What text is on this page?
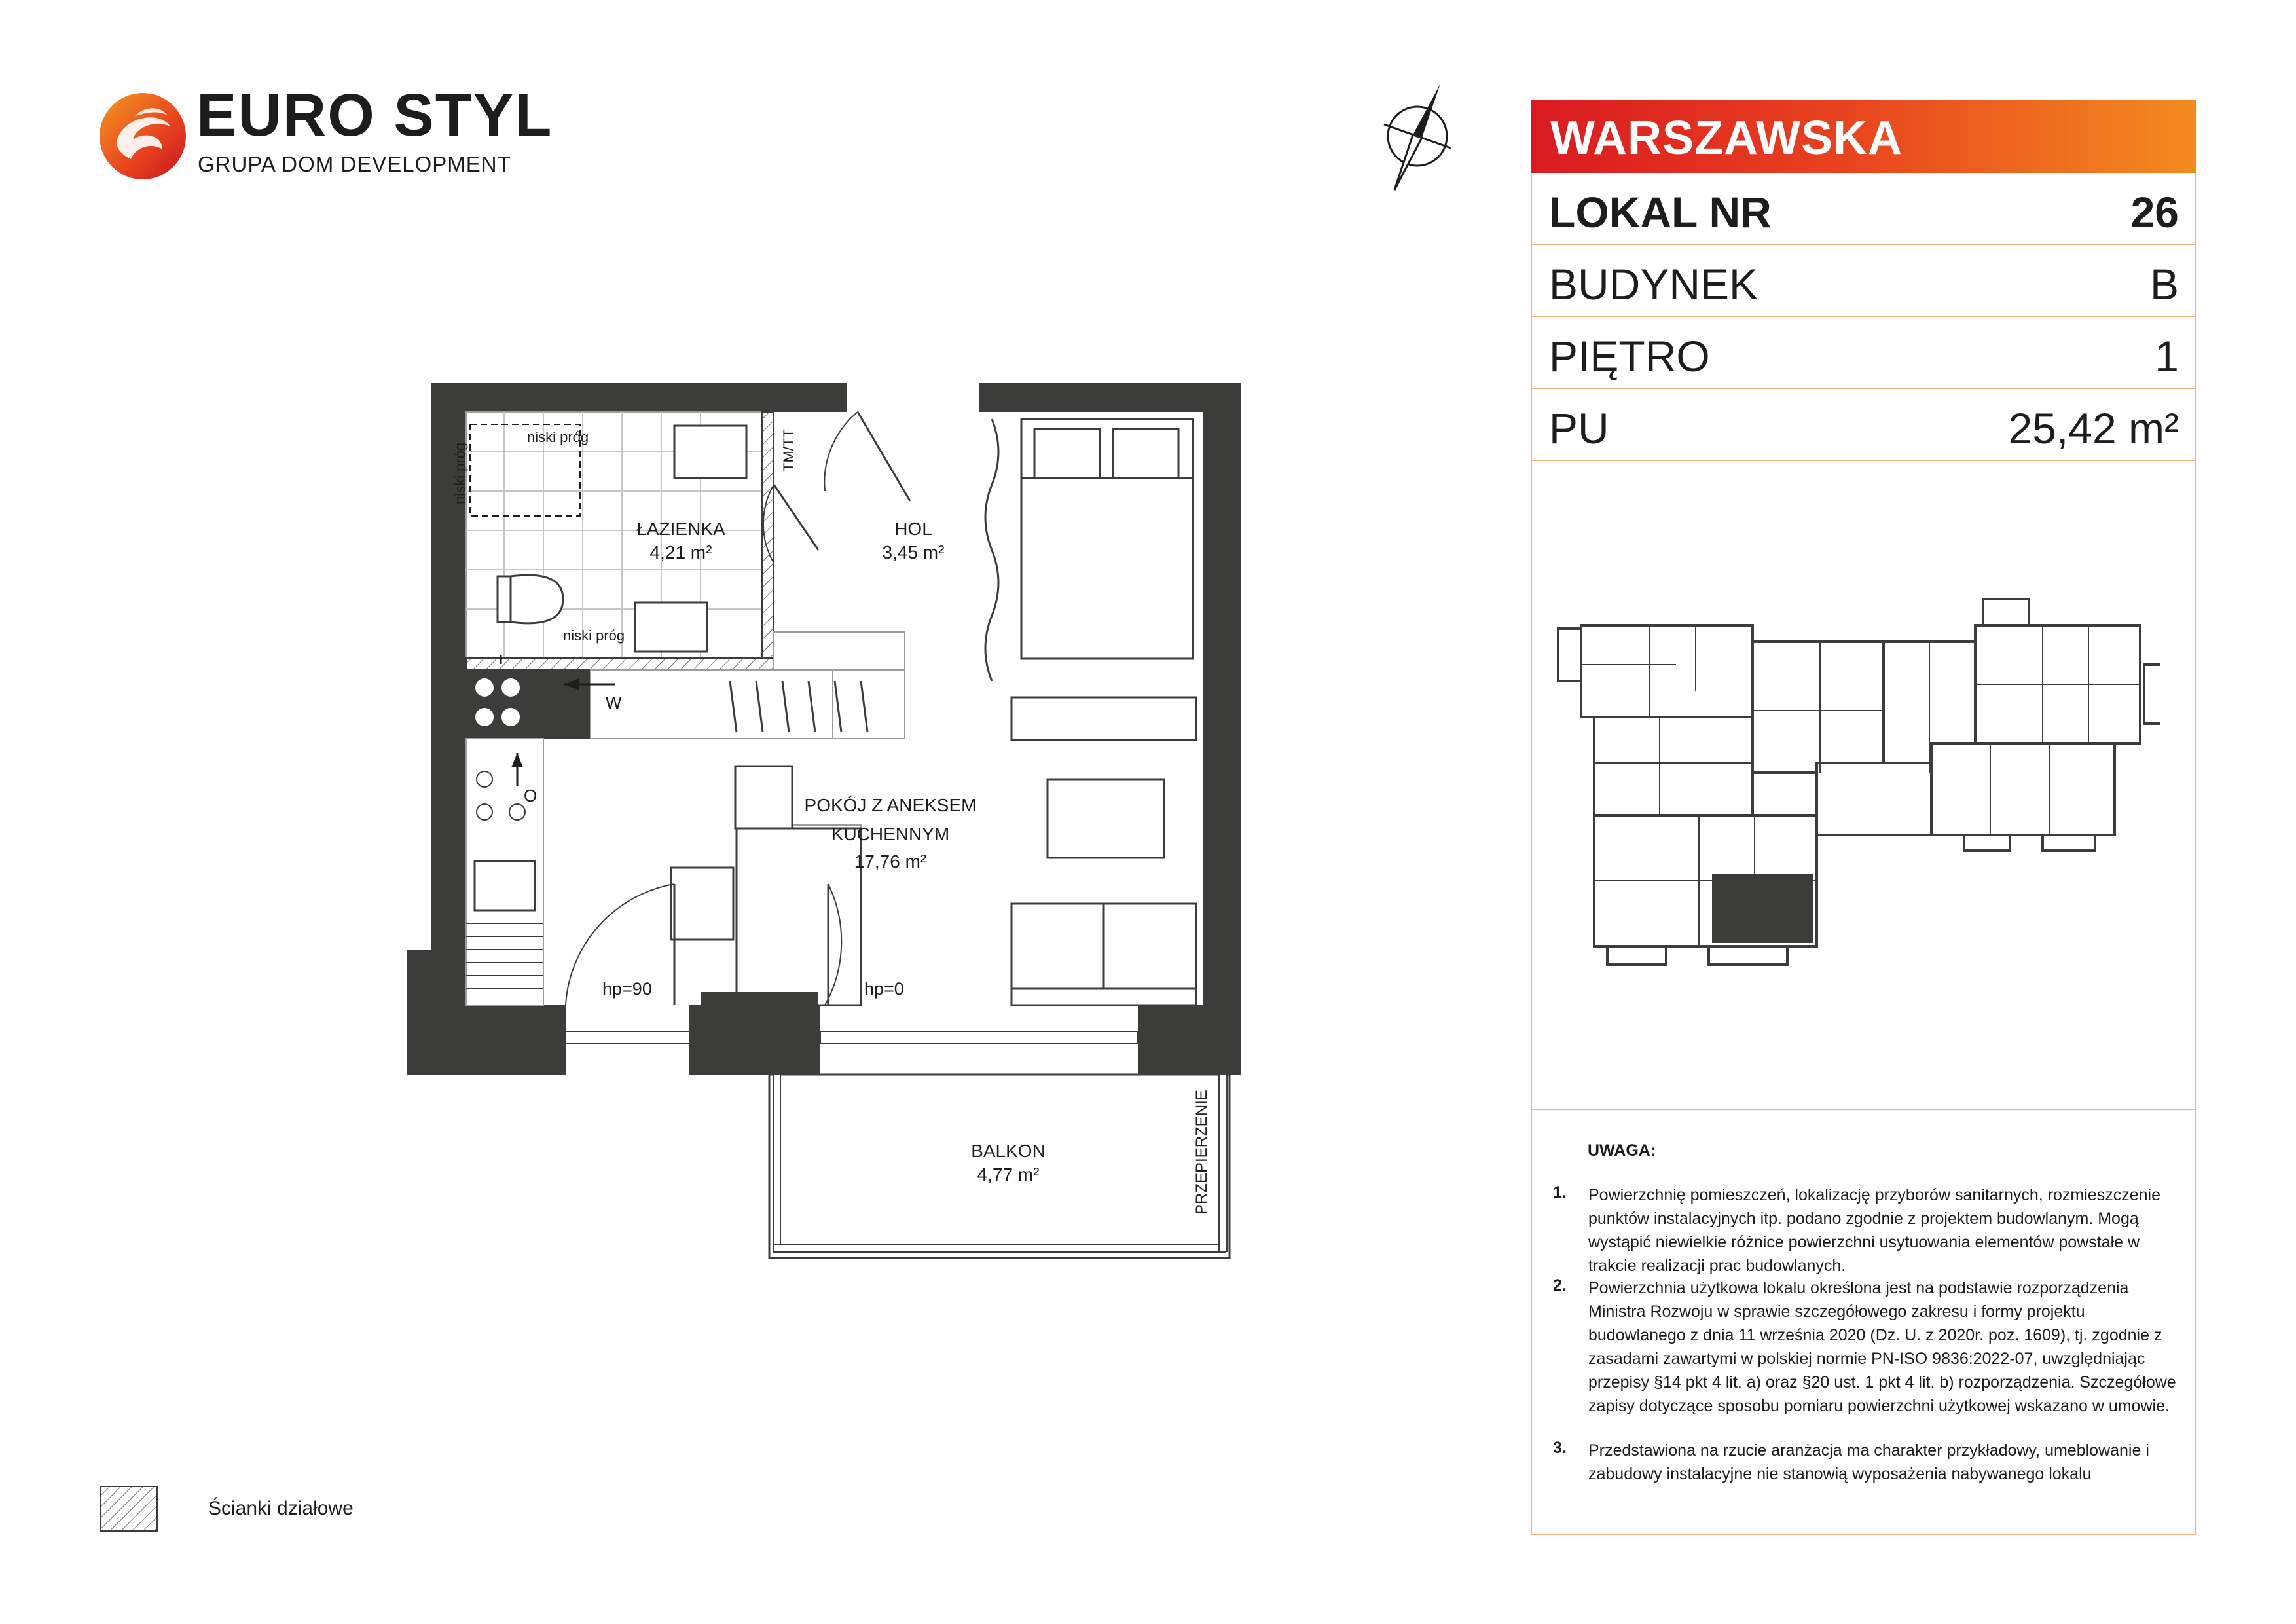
EURO STYL
GRUPA DOM DEVELOPMENT
ŁAZIENKA
4,21 m²
HOL
3,45 m²
POKÓJ Z ANEKSEM
KUCHENNYM
17,76 m²
BALKON
4,77 m²
niski próg
niski próg
niski próg	TM/TT
W
O
hp=90	hp=0
PRZEPIERZENIE
WARSZAWSKA
LOKAL NR	26
BUDYNEK	B
PIĘTRO	1
PU	25,42 m²
UWAGA:
1. Powierzchnię pomieszczeń, lokalizację przyborów sanitarnych, rozmieszczenie punktów instalacyjnych itp. podano zgodnie z projektem budowlanym. Mogą wystąpić niewielkie różnice powierzchni usytuowania elementów powstałe w trakcie realizacji prac budowlanych.
2. Powierzchnia użytkowa lokalu określona jest na podstawie rozporządzenia Ministra Rozwoju w sprawie szczegółowego zakresu i formy projektu budowlanego z dnia 11 września 2020 (Dz. U. z 2020r. poz. 1609), tj. zgodnie z zasadami zawartymi w polskiej normie PN-ISO 9836:2022-07, uwzględniając przepisy §14 pkt 4 lit. a) oraz §20 ust. 1 pkt 4 lit. b) rozporządzenia. Szczegółowe zapisy dotyczące sposobu pomiaru powierzchni użytkowej wskazano w umowie.
3. Przedstawiona na rzucie aranżacja ma charakter przykładowy, umeblowanie i zabudowy instalacyjne nie stanowią wyposażenia nabywanego lokalu
Ścianki działowe
